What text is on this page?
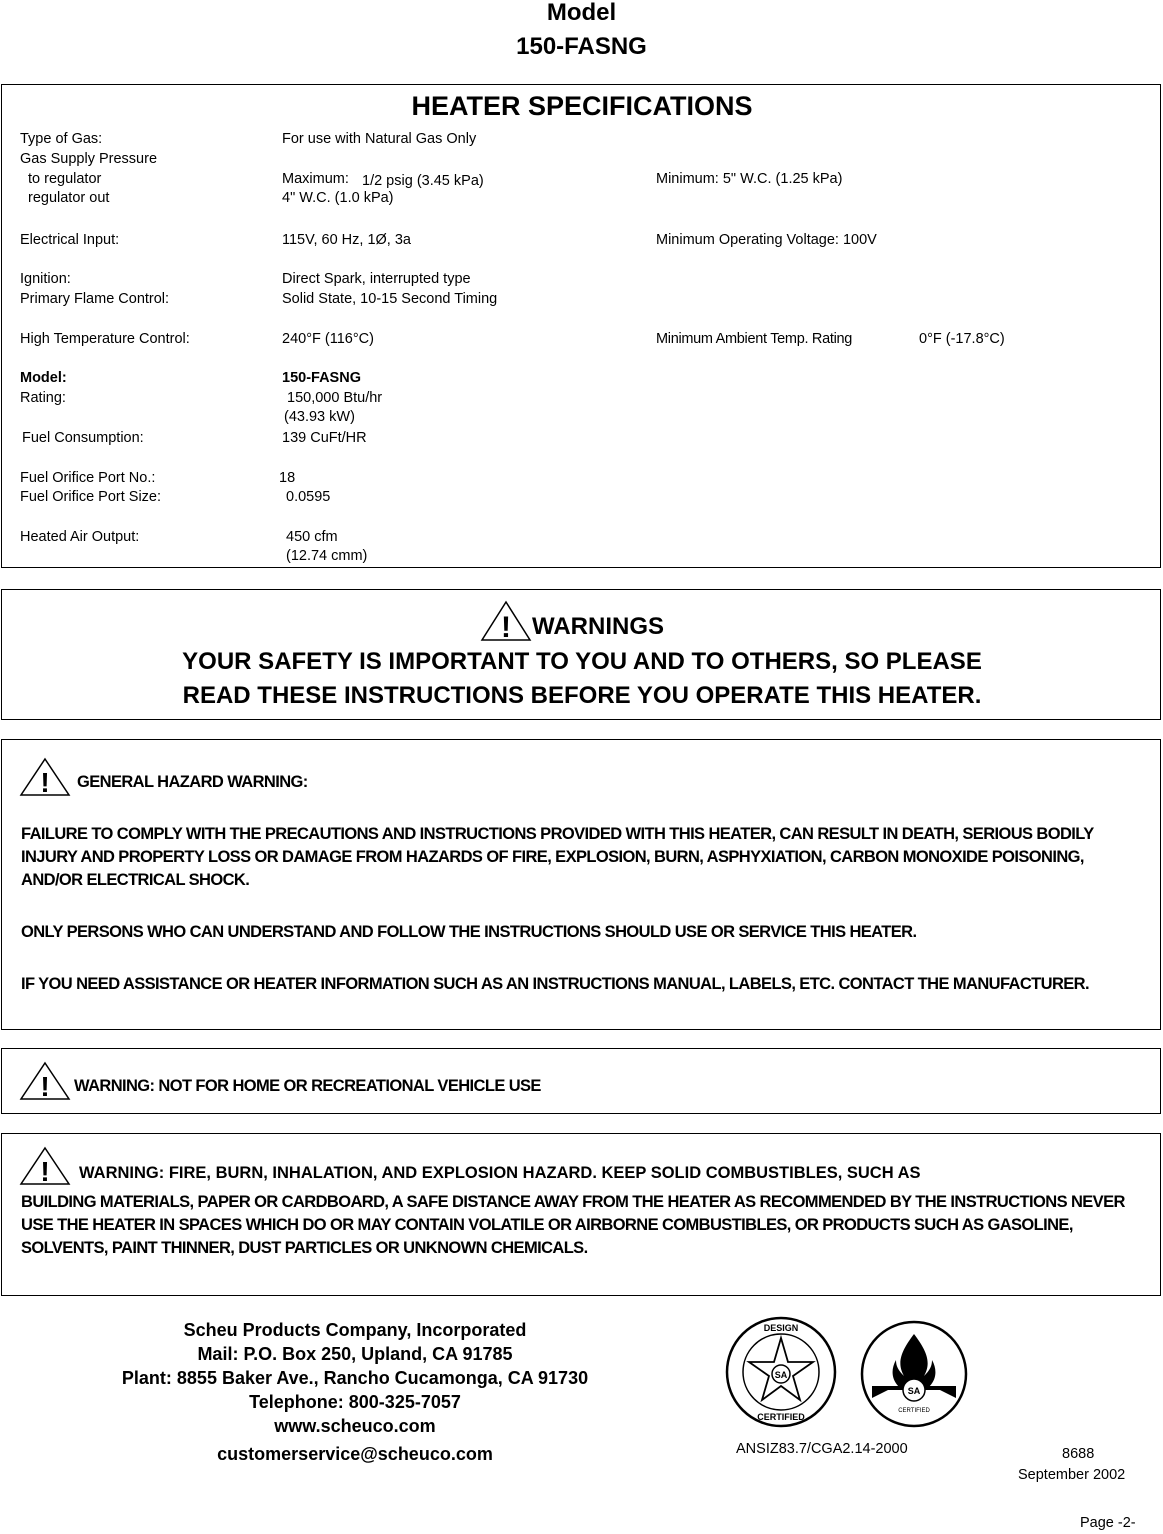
Model
150-FASNG
HEATER SPECIFICATIONS
Type of Gas:	For use with Natural Gas Only
Gas Supply Pressure
to regulator	Maximum: 1/2 psig (3.45 kPa)	Minimum: 5" W.C. (1.25 kPa)
regulator out	4" W.C. (1.0 kPa)
Electrical Input:	115V, 60 Hz, 1Ø, 3a	Minimum Operating Voltage: 100V
Ignition:	Direct Spark, interrupted type
Primary Flame Control:	Solid State, 10-15 Second Timing
High Temperature Control:	240°F (116°C)	Minimum Ambient Temp. Rating	0°F (-17.8°C)
Model:	150-FASNG
Rating:	150,000 Btu/hr
(43.93 kW)
Fuel Consumption:	139 CuFt/HR
Fuel Orifice Port No.:	18
Fuel Orifice Port Size:	0.0595
Heated Air Output:	450 cfm
(12.74 cmm)
! WARNINGS
YOUR SAFETY IS IMPORTANT TO YOU AND TO OTHERS, SO PLEASE
READ THESE INSTRUCTIONS BEFORE YOU OPERATE THIS HEATER.
! GENERAL HAZARD WARNING:
FAILURE TO COMPLY WITH THE PRECAUTIONS AND INSTRUCTIONS PROVIDED WITH THIS HEATER, CAN RESULT IN DEATH, SERIOUS BODILY INJURY AND PROPERTY LOSS OR DAMAGE FROM HAZARDS OF FIRE, EXPLOSION, BURN, ASPHYXIATION, CARBON MONOXIDE POISONING, AND/OR ELECTRICAL SHOCK.
ONLY PERSONS WHO CAN UNDERSTAND AND FOLLOW THE INSTRUCTIONS SHOULD USE OR SERVICE THIS HEATER.
IF YOU NEED ASSISTANCE OR HEATER INFORMATION SUCH AS AN INSTRUCTIONS MANUAL, LABELS, ETC. CONTACT THE MANUFACTURER.
! WARNING: NOT FOR HOME OR RECREATIONAL VEHICLE USE
! WARNING: FIRE, BURN, INHALATION, AND EXPLOSION HAZARD. KEEP SOLID COMBUSTIBLES, SUCH AS
BUILDING MATERIALS, PAPER OR CARDBOARD, A SAFE DISTANCE AWAY FROM THE HEATER AS RECOMMENDED BY THE INSTRUCTIONS NEVER USE THE HEATER IN SPACES WHICH DO OR MAY CONTAIN VOLATILE OR AIRBORNE COMBUSTIBLES, OR PRODUCTS SUCH AS GASOLINE, SOLVENTS, PAINT THINNER, DUST PARTICLES OR UNKNOWN CHEMICALS.
Scheu Products Company, Incorporated
Mail: P.O. Box 250, Upland, CA 91785
Plant: 8855 Baker Ave., Rancho Cucamonga, CA 91730
Telephone: 800-325-7057
www.scheuco.com
customerservice@scheuco.com
SA
DESIGN
CERTIFIED
SA
CERTIFIED
ANSIZ83.7/CGA2.14-2000	8688
September 2002
Page -2-
